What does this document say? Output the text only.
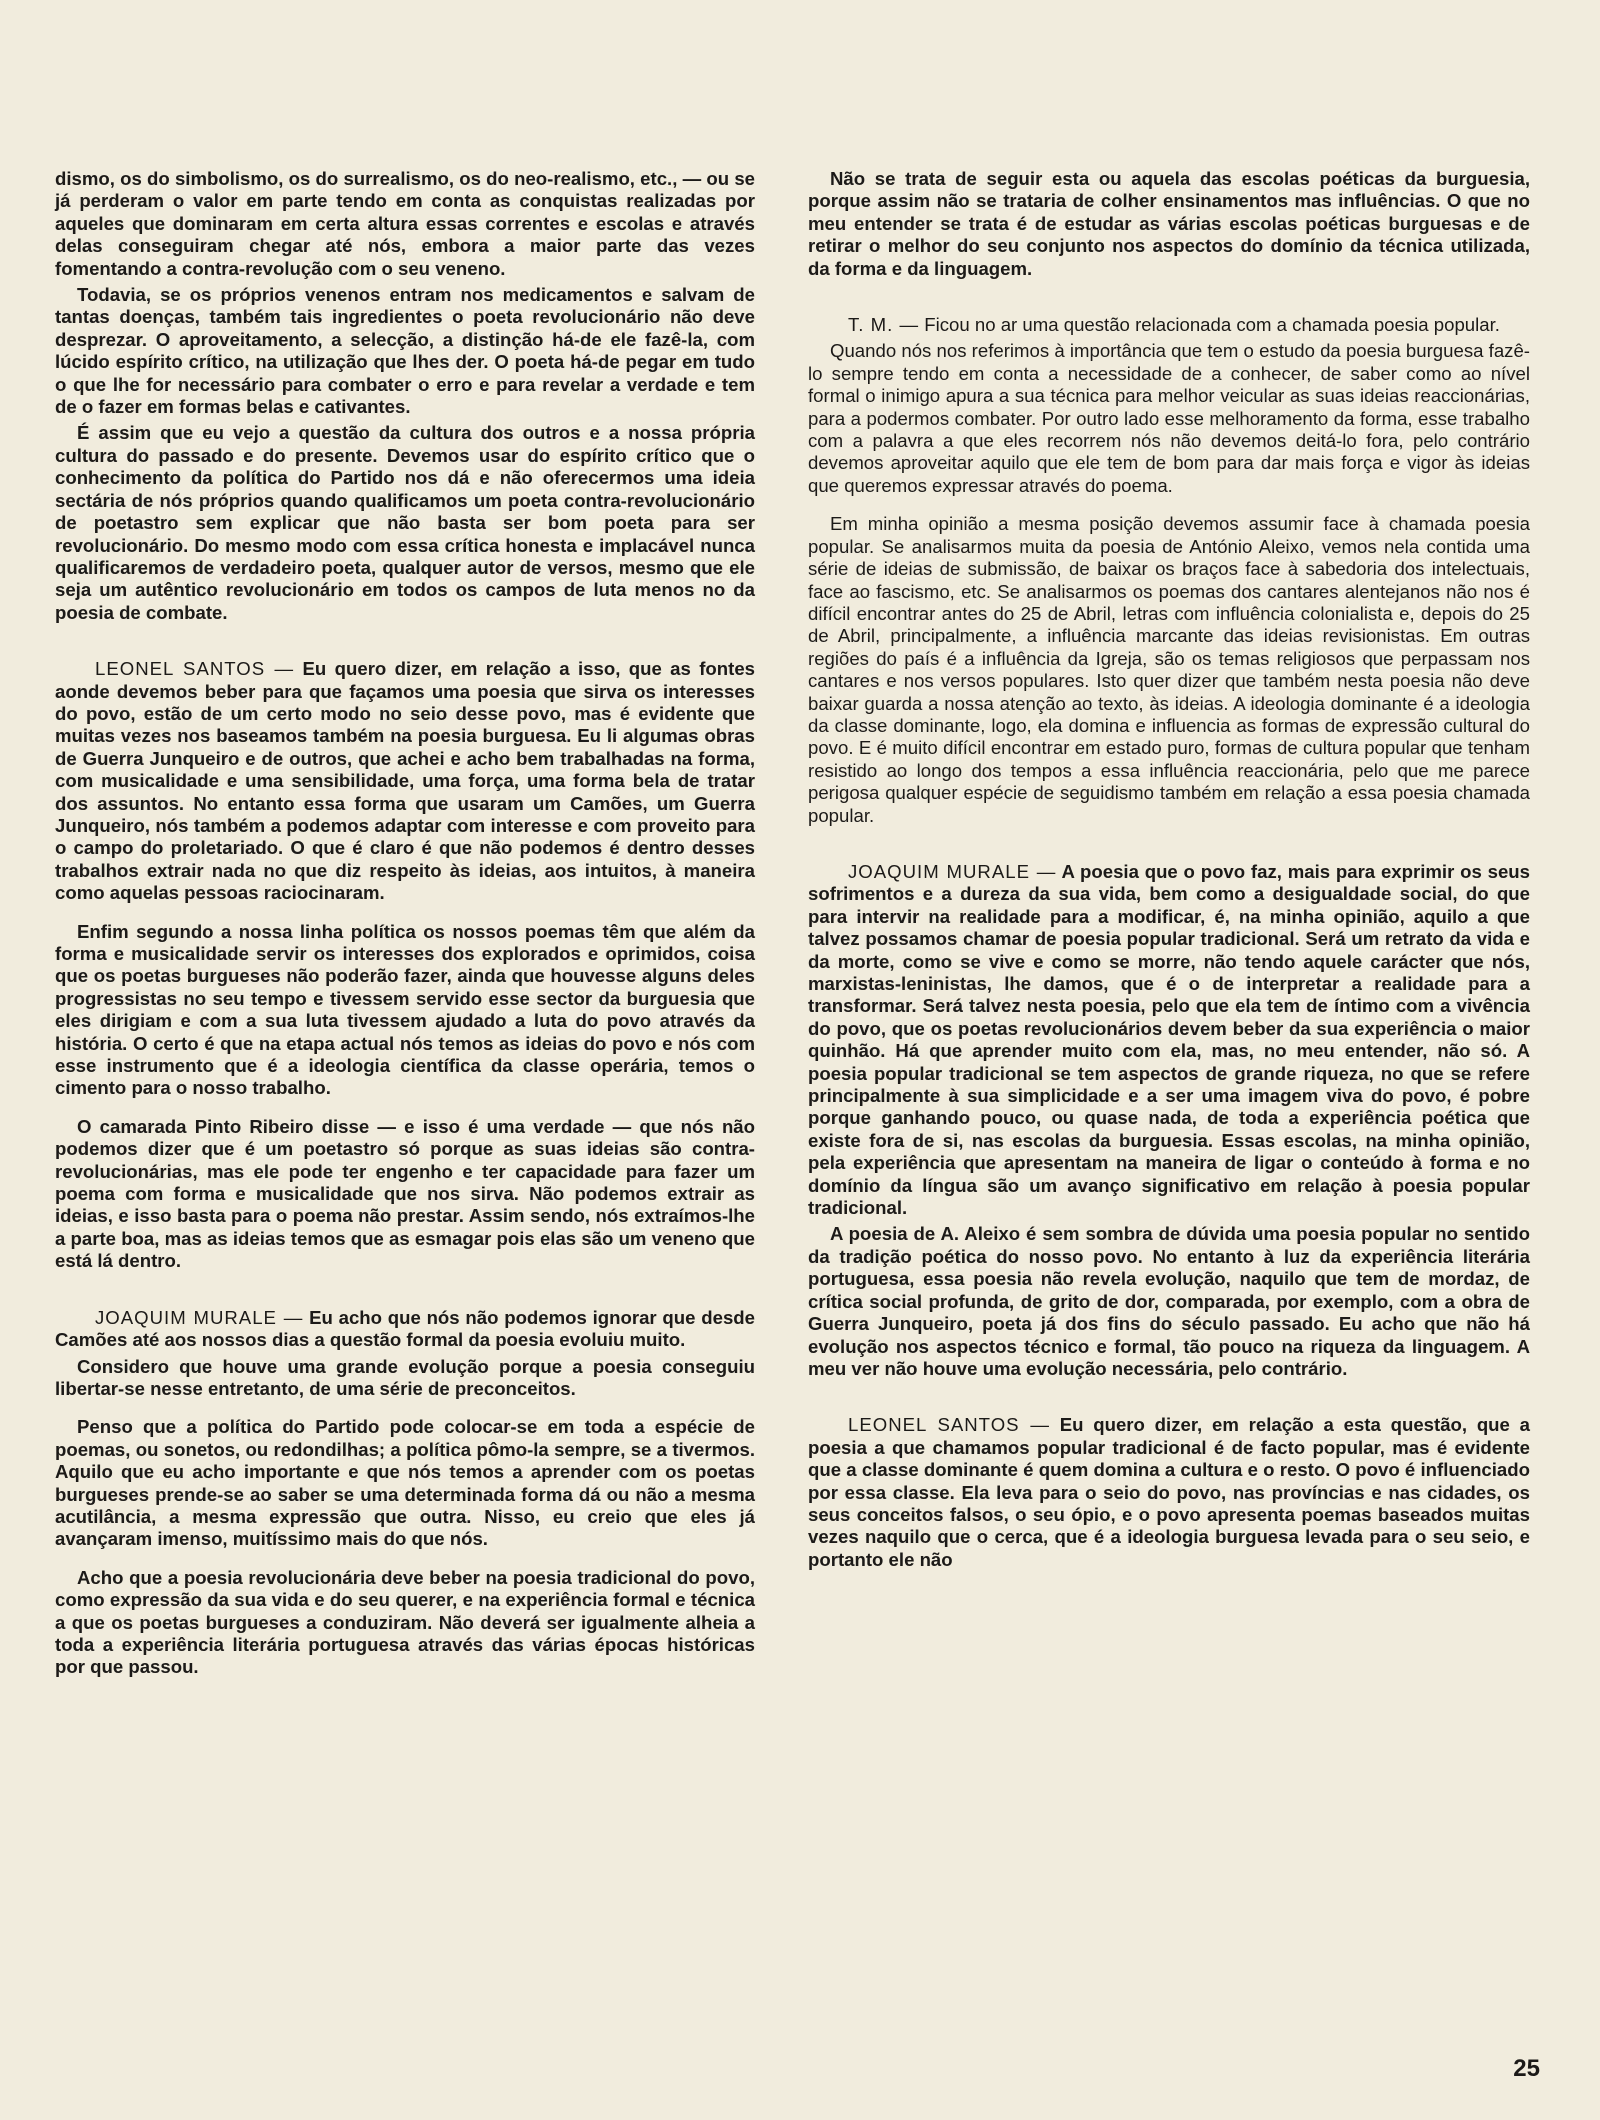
dismo, os do simbolismo, os do surrealismo, os do neo-realismo, etc., — ou se já perderam o valor em parte tendo em conta as conquistas realizadas por aqueles que dominaram em certa altura essas correntes e escolas e através delas conseguiram chegar até nós, embora a maior parte das vezes fomentando a contra-revolução com o seu veneno.

Todavia, se os próprios venenos entram nos medicamentos e salvam de tantas doenças, também tais ingredientes o poeta revolucionário não deve desprezar. O aproveitamento, a selecção, a distinção há-de ele fazê-la, com lúcido espírito crítico, na utilização que lhes der. O poeta há-de pegar em tudo o que lhe for necessário para combater o erro e para revelar a verdade e tem de o fazer em formas belas e cativantes.

É assim que eu vejo a questão da cultura dos outros e a nossa própria cultura do passado e do presente. Devemos usar do espírito crítico que o conhecimento da política do Partido nos dá e não oferecermos uma ideia sectária de nós próprios quando qualificamos um poeta contra-revolucionário de poetastro sem explicar que não basta ser bom poeta para ser revolucionário. Do mesmo modo com essa crítica honesta e implacável nunca qualificaremos de verdadeiro poeta, qualquer autor de versos, mesmo que ele seja um autêntico revolucionário em todos os campos de luta menos no da poesia de combate.

LEONEL SANTOS — Eu quero dizer, em relação a isso, que as fontes aonde devemos beber para que façamos uma poesia que sirva os interesses do povo, estão de um certo modo no seio desse povo, mas é evidente que muitas vezes nos baseamos também na poesia burguesa. Eu li algumas obras de Guerra Junqueiro e de outros, que achei e acho bem trabalhadas na forma, com musicalidade e uma sensibilidade, uma força, uma forma bela de tratar dos assuntos. No entanto essa forma que usaram um Camões, um Guerra Junqueiro, nós também a podemos adaptar com interesse e com proveito para o campo do proletariado. O que é claro é que não podemos é dentro desses trabalhos extrair nada no que diz respeito às ideias, aos intuitos, à maneira como aquelas pessoas raciocinaram.

Enfim segundo a nossa linha política os nossos poemas têm que além da forma e musicalidade servir os interesses dos explorados e oprimidos, coisa que os poetas burgueses não poderão fazer, ainda que houvesse alguns deles progressistas no seu tempo e tivessem servido esse sector da burguesia que eles dirigiam e com a sua luta tivessem ajudado a luta do povo através da história. O certo é que na etapa actual nós temos as ideias do povo e nós com esse instrumento que é a ideologia científica da classe operária, temos o cimento para o nosso trabalho.

O camarada Pinto Ribeiro disse — e isso é uma verdade — que nós não podemos dizer que é um poetastro só porque as suas ideias são contra-revolucionárias, mas ele pode ter engenho e ter capacidade para fazer um poema com forma e musicalidade que nos sirva. Não podemos extrair as ideias, e isso basta para o poema não prestar. Assim sendo, nós extraímos-lhe a parte boa, mas as ideias temos que as esmagar pois elas são um veneno que está lá dentro.

JOAQUIM MURALE — Eu acho que nós não podemos ignorar que desde Camões até aos nossos dias a questão formal da poesia evoluiu muito.

Considero que houve uma grande evolução porque a poesia conseguiu libertar-se nesse entretanto, de uma série de preconceitos.

Penso que a política do Partido pode colocar-se em toda a espécie de poemas, ou sonetos, ou redondilhas; a política pômo-la sempre, se a tivermos. Aquilo que eu acho importante e que nós temos a aprender com os poetas burgueses prende-se ao saber se uma determinada forma dá ou não a mesma acutilância, a mesma expressão que outra. Nisso, eu creio que eles já avançaram imenso, muitíssimo mais do que nós.

Acho que a poesia revolucionária deve beber na poesia tradicional do povo, como expressão da sua vida e do seu querer, e na experiência formal e técnica a que os poetas burgueses a conduziram. Não deverá ser igualmente alheia a toda a experiência literária portuguesa através das várias épocas históricas por que passou.

Não se trata de seguir esta ou aquela das escolas poéticas da burguesia, porque assim não se trataria de colher ensinamentos mas influências. O que no meu entender se trata é de estudar as várias escolas poéticas burguesas e de retirar o melhor do seu conjunto nos aspectos do domínio da técnica utilizada, da forma e da linguagem.

T. M. — Ficou no ar uma questão relacionada com a chamada poesia popular.

Quando nós nos referimos à importância que tem o estudo da poesia burguesa fazê-lo sempre tendo em conta a necessidade de a conhecer, de saber como ao nível formal o inimigo apura a sua técnica para melhor veicular as suas ideias reaccionárias, para a podermos combater. Por outro lado esse melhoramento da forma, esse trabalho com a palavra a que eles recorrem nós não devemos deitá-lo fora, pelo contrário devemos aproveitar aquilo que ele tem de bom para dar mais força e vigor às ideias que queremos expressar através do poema.

Em minha opinião a mesma posição devemos assumir face à chamada poesia popular. Se analisarmos muita da poesia de António Aleixo, vemos nela contida uma série de ideias de submissão, de baixar os braços face à sabedoria dos intelectuais, face ao fascismo, etc. Se analisarmos os poemas dos cantares alentejanos não nos é difícil encontrar antes do 25 de Abril, letras com influência colonialista e, depois do 25 de Abril, principalmente, a influência marcante das ideias revisionistas. Em outras regiões do país é a influência da Igreja, são os temas religiosos que perpassam nos cantares e nos versos populares. Isto quer dizer que também nesta poesia não deve baixar guarda a nossa atenção ao texto, às ideias. A ideologia dominante é a ideologia da classe dominante, logo, ela domina e influencia as formas de expressão cultural do povo. E é muito difícil encontrar em estado puro, formas de cultura popular que tenham resistido ao longo dos tempos a essa influência reaccionária, pelo que me parece perigosa qualquer espécie de seguidismo também em relação a essa poesia chamada popular.

JOAQUIM MURALE — A poesia que o povo faz, mais para exprimir os seus sofrimentos e a dureza da sua vida, bem como a desigualdade social, do que para intervir na realidade para a modificar, é, na minha opinião, aquilo a que talvez possamos chamar de poesia popular tradicional. Será um retrato da vida e da morte, como se vive e como se morre, não tendo aquele carácter que nós, marxistas-leninistas, lhe damos, que é o de interpretar a realidade para a transformar. Será talvez nesta poesia, pelo que ela tem de íntimo com a vivência do povo, que os poetas revolucionários devem beber da sua experiência o maior quinhão. Há que aprender muito com ela, mas, no meu entender, não só. A poesia popular tradicional se tem aspectos de grande riqueza, no que se refere principalmente à sua simplicidade e a ser uma imagem viva do povo, é pobre porque ganhando pouco, ou quase nada, de toda a experiência poética que existe fora de si, nas escolas da burguesia. Essas escolas, na minha opinião, pela experiência que apresentam na maneira de ligar o conteúdo à forma e no domínio da língua são um avanço significativo em relação à poesia popular tradicional.

A poesia de A. Aleixo é sem sombra de dúvida uma poesia popular no sentido da tradição poética do nosso povo. No entanto à luz da experiência literária portuguesa, essa poesia não revela evolução, naquilo que tem de mordaz, de crítica social profunda, de grito de dor, comparada, por exemplo, com a obra de Guerra Junqueiro, poeta já dos fins do século passado. Eu acho que não há evolução nos aspectos técnico e formal, tão pouco na riqueza da linguagem. A meu ver não houve uma evolução necessária, pelo contrário.

LEONEL SANTOS — Eu quero dizer, em relação a esta questão, que a poesia a que chamamos popular tradicional é de facto popular, mas é evidente que a classe dominante é quem domina a cultura e o resto. O povo é influenciado por essa classe. Ela leva para o seio do povo, nas províncias e nas cidades, os seus conceitos falsos, o seu ópio, e o povo apresenta poemas baseados muitas vezes naquilo que o cerca, que é a ideologia burguesa levada para o seu seio, e portanto ele não

25
